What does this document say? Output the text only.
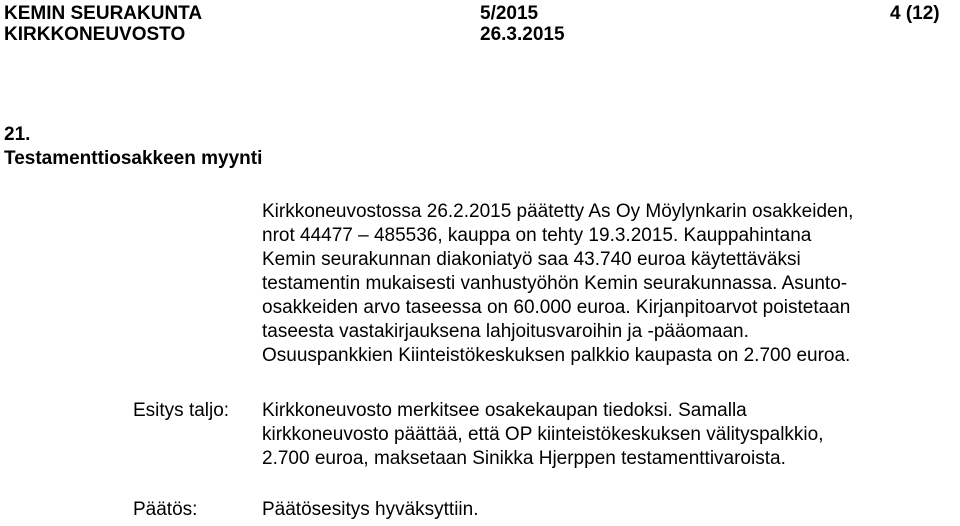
KEMIN SEURAKUNTA
KIRKKONEUVOSTO
5/2015
26.3.2015
4 (12)
21.
Testamenttiosakkeen myynti
Kirkkoneuvostossa 26.2.2015 päätetty As Oy Möylynkarin osakkeiden,
nrot 44477 – 485536, kauppa on tehty 19.3.2015. Kauppahintana
Kemin seurakunnan diakoniatyö saa 43.740 euroa käytettäväksi
testamentin mukaisesti vanhustyöhön Kemin seurakunnassa. Asunto-
osakkeiden arvo taseessa on 60.000 euroa. Kirjanpitoarvot poistetaan
taseesta vastakirjauksena lahjoitusvaroihin ja -pääomaan.
Osuuspankkien Kiinteistökeskuksen palkkio kaupasta on 2.700 euroa.
Esitys taljo: Kirkkoneuvosto merkitsee osakekaupan tiedoksi. Samalla
kirkkoneuvosto päättää, että OP kiinteistökeskuksen välityspalkkio,
2.700 euroa, maksetaan Sinikka Hjerppen testamenttivaroista.
Päätös:	Päätösesitys hyväksyttiin.
